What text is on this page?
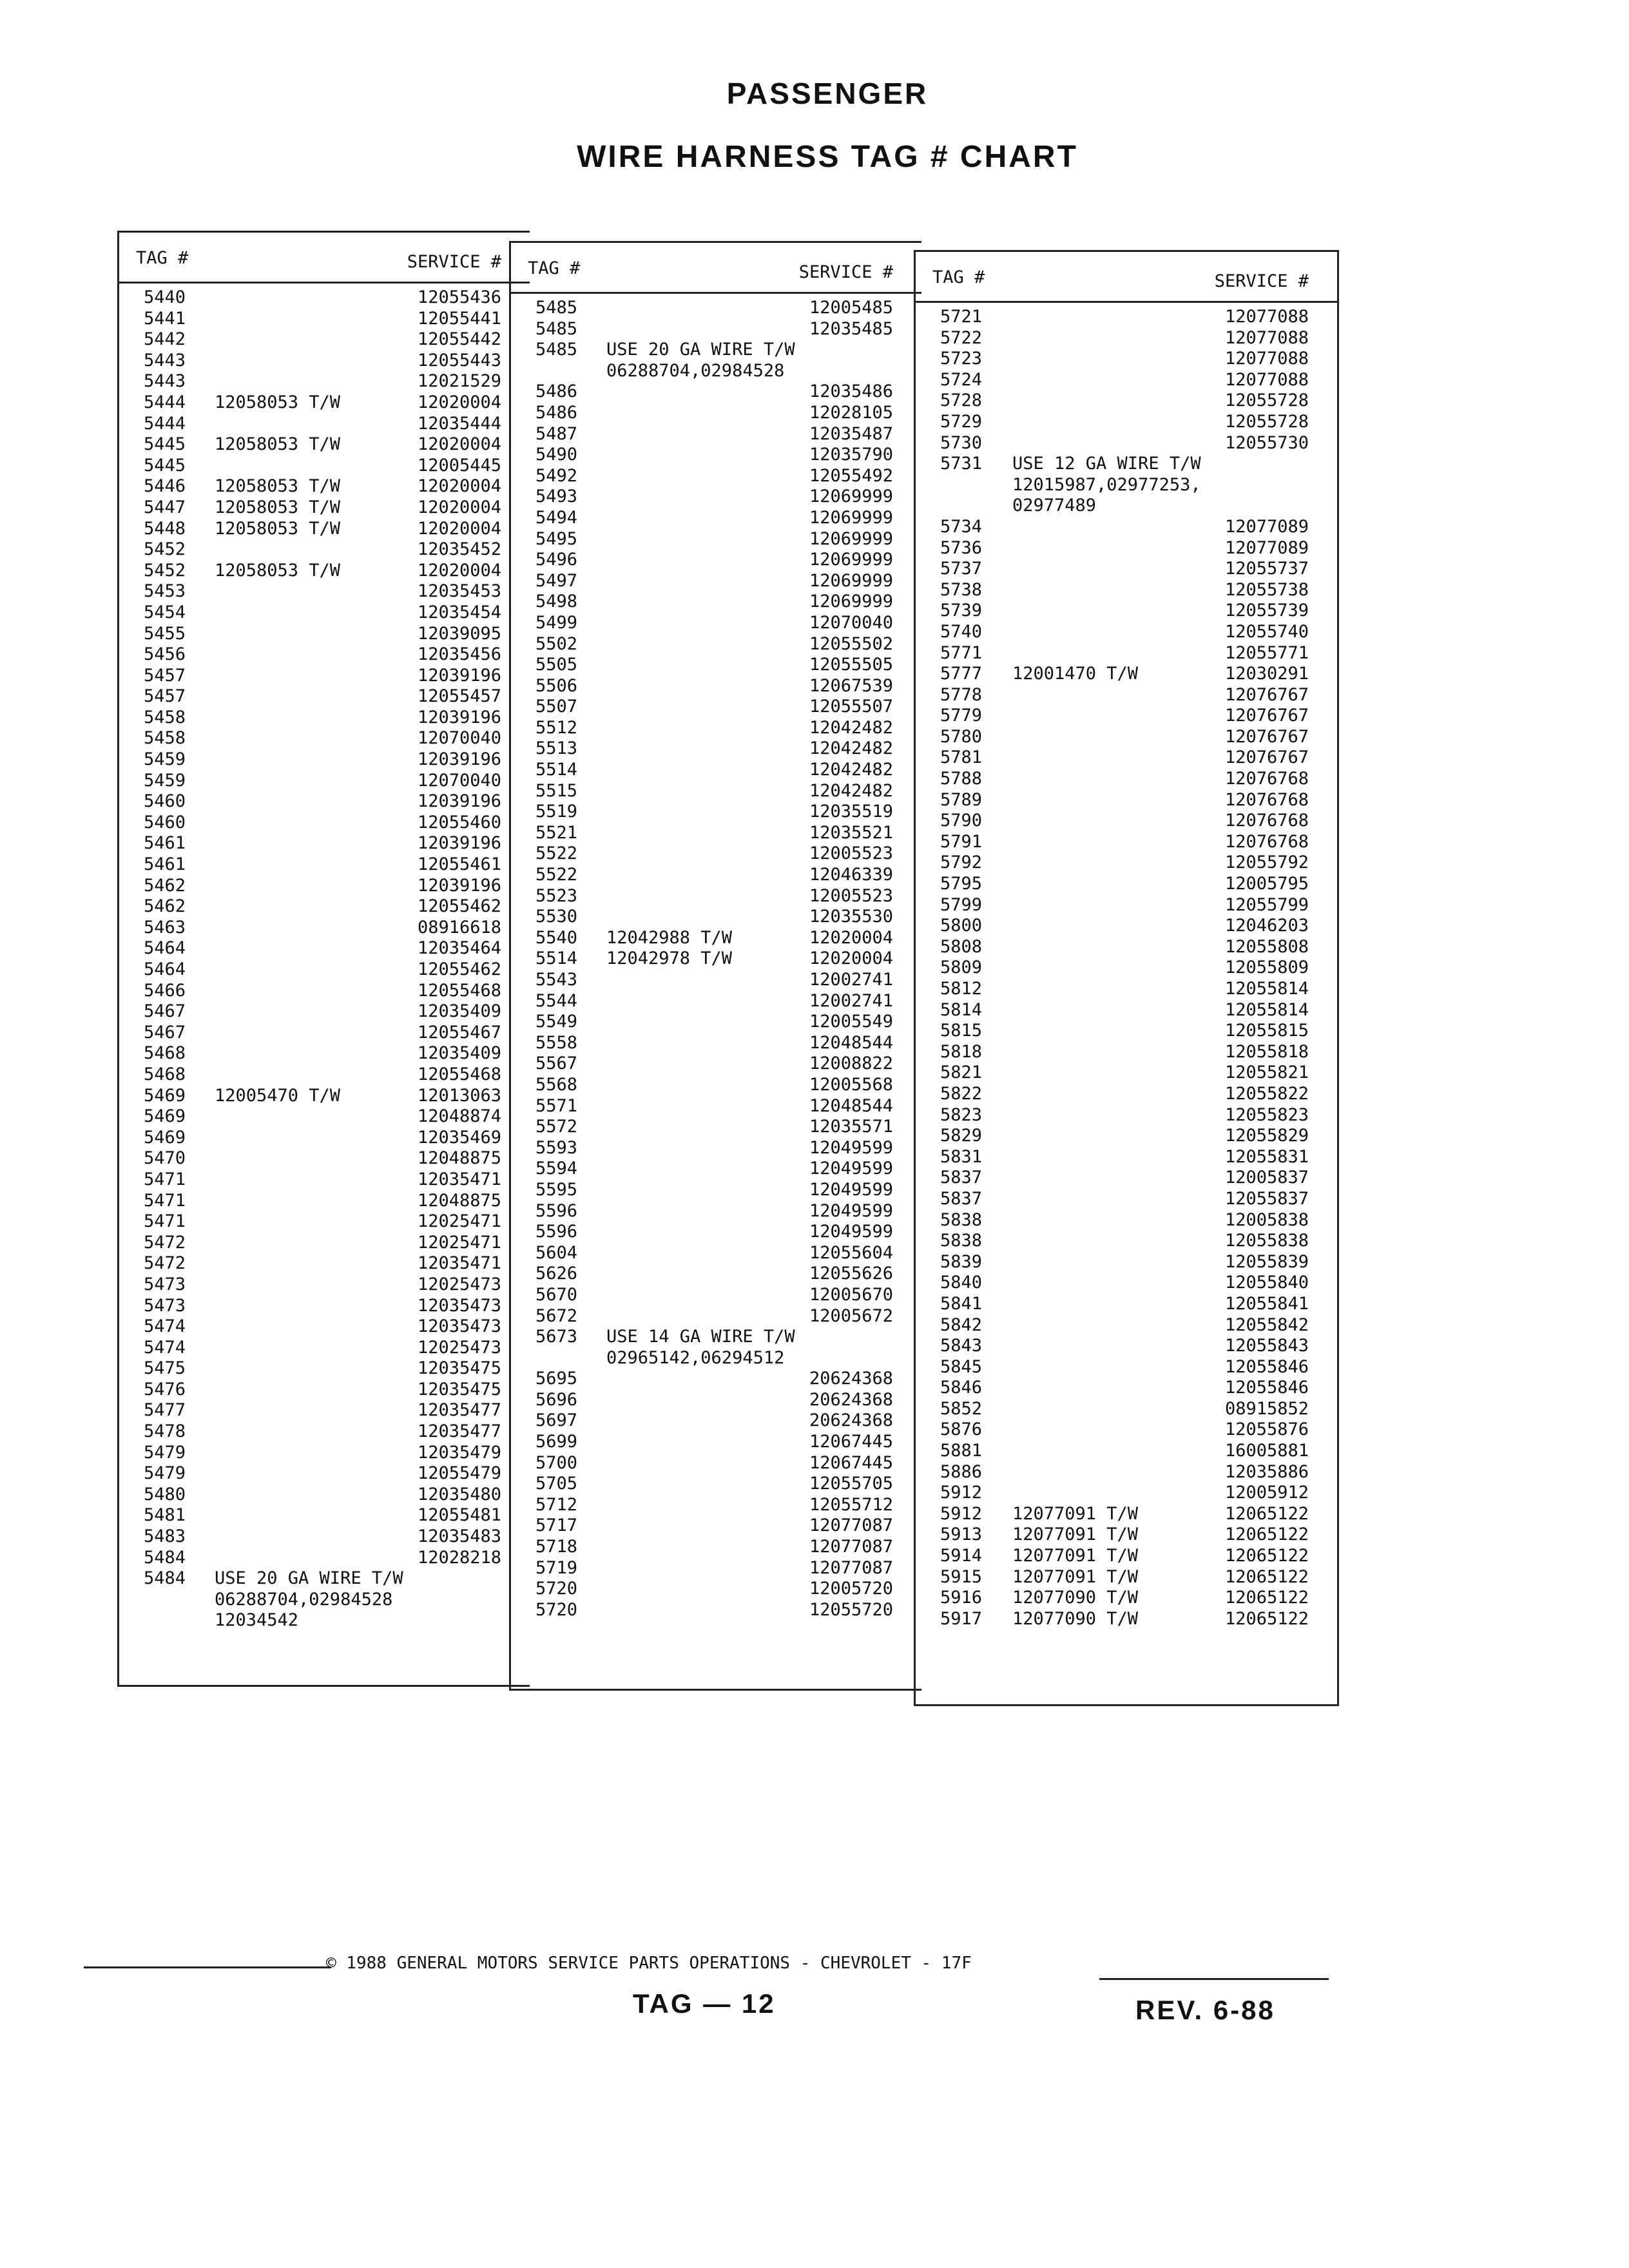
PASSENGER
WIRE HARNESS TAG # CHART
TAG #	SERVICE #
5440	12055436
5441	12055441
5442	12055442
5443	12055443
5443	12021529
5444 12058053 T/W	12020004
5444	12035444
5445 12058053 T/W	12020004
5445	12005445
5446 12058053 T/W	12020004
5447 12058053 T/W	12020004
5448 12058053 T/W	12020004
5452	12035452
5452 12058053 T/W	12020004
5453	12035453
5454	12035454
5455	12039095
5456	12035456
5457	12039196
5457	12055457
5458	12039196
5458	12070040
5459	12039196
5459	12070040
5460	12039196
5460	12055460
5461	12039196
5461	12055461
5462	12039196
5462	12055462
5463	08916618
5464	12035464
5464	12055462
5466	12055468
5467	12035409
5467	12055467
5468	12035409
5468	12055468
5469 12005470 T/W	12013063
5469	12048874
5469	12035469
5470	12048875
5471	12035471
5471	12048875
5471	12025471
5472	12025471
5472	12035471
5473	12025473
5473	12035473
5474	12035473
5474	12025473
5475	12035475
5476	12035475
5477	12035477
5478	12035477
5479	12035479
5479	12055479
5480	12035480
5481	12055481
5483	12035483
5484	12028218
5484 USE 20 GA WIRE T/W
06288704,02984528
12034542
TAG #	SERVICE #
5485	12005485
5485	12035485
5485 USE 20 GA WIRE T/W
06288704,02984528
5486	12035486
5486	12028105
5487	12035487
5490	12035790
5492	12055492
5493	12069999
5494	12069999
5495	12069999
5496	12069999
5497	12069999
5498	12069999
5499	12070040
5502	12055502
5505	12055505
5506	12067539
5507	12055507
5512	12042482
5513	12042482
5514	12042482
5515	12042482
5519	12035519
5521	12035521
5522	12005523
5522	12046339
5523	12005523
5530	12035530
5540 12042988 T/W	12020004
5514 12042978 T/W	12020004
5543	12002741
5544	12002741
5549	12005549
5558	12048544
5567	12008822
5568	12005568
5571	12048544
5572	12035571
5593	12049599
5594	12049599
5595	12049599
5596	12049599
5596	12049599
5604	12055604
5626	12055626
5670	12005670
5672	12005672
5673 USE 14 GA WIRE T/W
02965142,06294512
5695	20624368
5696	20624368
5697	20624368
5699	12067445
5700	12067445
5705	12055705
5712	12055712
5717	12077087
5718	12077087
5719	12077087
5720	12005720
5720	12055720
TAG #	SERVICE #
5721	12077088
5722	12077088
5723	12077088
5724	12077088
5728	12055728
5729	12055728
5730	12055730
5731 USE 12 GA WIRE T/W
12015987,02977253,
02977489
5734	12077089
5736	12077089
5737	12055737
5738	12055738
5739	12055739
5740	12055740
5771	12055771
5777 12001470 T/W	12030291
5778	12076767
5779	12076767
5780	12076767
5781	12076767
5788	12076768
5789	12076768
5790	12076768
5791	12076768
5792	12055792
5795	12005795
5799	12055799
5800	12046203
5808	12055808
5809	12055809
5812	12055814
5814	12055814
5815	12055815
5818	12055818
5821	12055821
5822	12055822
5823	12055823
5829	12055829
5831	12055831
5837	12005837
5837	12055837
5838	12005838
5838	12055838
5839	12055839
5840	12055840
5841	12055841
5842	12055842
5843	12055843
5845	12055846
5846	12055846
5852	08915852
5876	12055876
5881	16005881
5886	12035886
5912	12005912
5912 12077091 T/W	12065122
5913 12077091 T/W	12065122
5914 12077091 T/W	12065122
5915 12077091 T/W	12065122
5916 12077090 T/W	12065122
5917 12077090 T/W	12065122
© 1988 GENERAL MOTORS SERVICE PARTS OPERATIONS - CHEVROLET - 17F
TAG — 12	REV. 6-88
